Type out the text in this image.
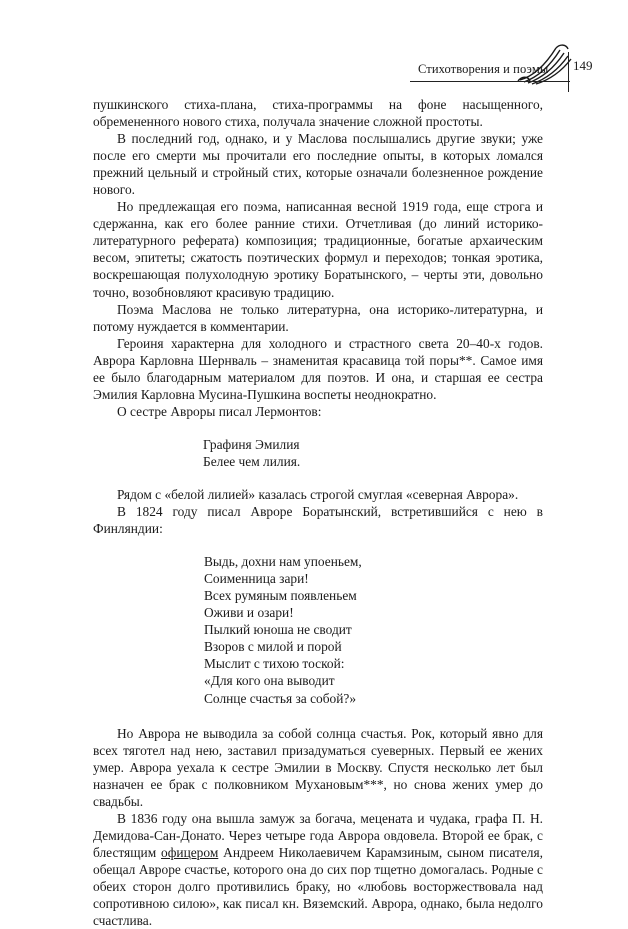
Стихотворения и поэмы 149

пушкинского стиха-плана, стиха-программы на фоне насыщенного, обремененного нового стиха, получала значение сложной простоты.

В последний год, однако, и у Маслова послышались другие звуки; уже после его смерти мы прочитали его последние опыты, в которых ломался прежний цельный и стройный стих, которые означали болезненное рождение нового.

Но предлежащая его поэма, написанная весной 1919 года, еще строга и сдержанна, как его более ранние стихи. Отчетливая (до линий историко-литературного реферата) композиция; традиционные, богатые архаическим весом, эпитеты; сжатость поэтических формул и переходов; тонкая эротика, воскрешающая полухолодную эротику Боратынского, – черты эти, довольно точно, возобновляют красивую традицию.

Поэма Маслова не только литературна, она историко-литературна, и потому нуждается в комментарии.

Героиня характерна для холодного и страстного света 20–40-х годов. Аврора Карловна Шернваль – знаменитая красавица той поры**. Самое имя ее было благодарным материалом для поэтов. И она, и старшая ее сестра Эмилия Карловна Мусина-Пушкина воспеты неоднократно.

О сестре Авроры писал Лермонтов:

Графиня Эмилия
Белее чем лилия.

Рядом с «белой лилией» казалась строгой смуглая «северная Аврора».

В 1824 году писал Авроре Боратынский, встретившийся с нею в Финляндии:

Выдь, дохни нам упоеньем,
Соименница зари!
Всех румяным появленьем
Оживи и озари!
Пылкий юноша не сводит
Взоров с милой и порой
Мыслит с тихою тоской:
«Для кого она выводит
Солнце счастья за собой?»

Но Аврора не выводила за собой солнца счастья. Рок, который явно для всех тяготел над нею, заставил призадуматься суеверных. Первый ее жених умер. Аврора уехала к сестре Эмилии в Москву. Спустя несколько лет был назначен ее брак с полковником Мухановым***, но снова жених умер до свадьбы.

В 1836 году она вышла замуж за богача, мецената и чудака, графа П. Н. Демидова-Сан-Донато. Через четыре года Аврора овдовела. Второй ее брак, с блестящим офицером Андреем Николаевичем Карамзиным, сыном писателя, обещал Авроре счастье, которого она до сих пор тщетно домогалась. Родные с обеих сторон долго противились браку, но «любовь восторжествовала над сопротивною силою», как писал кн. Вяземский. Аврора, однако, была недолго счастлива.
